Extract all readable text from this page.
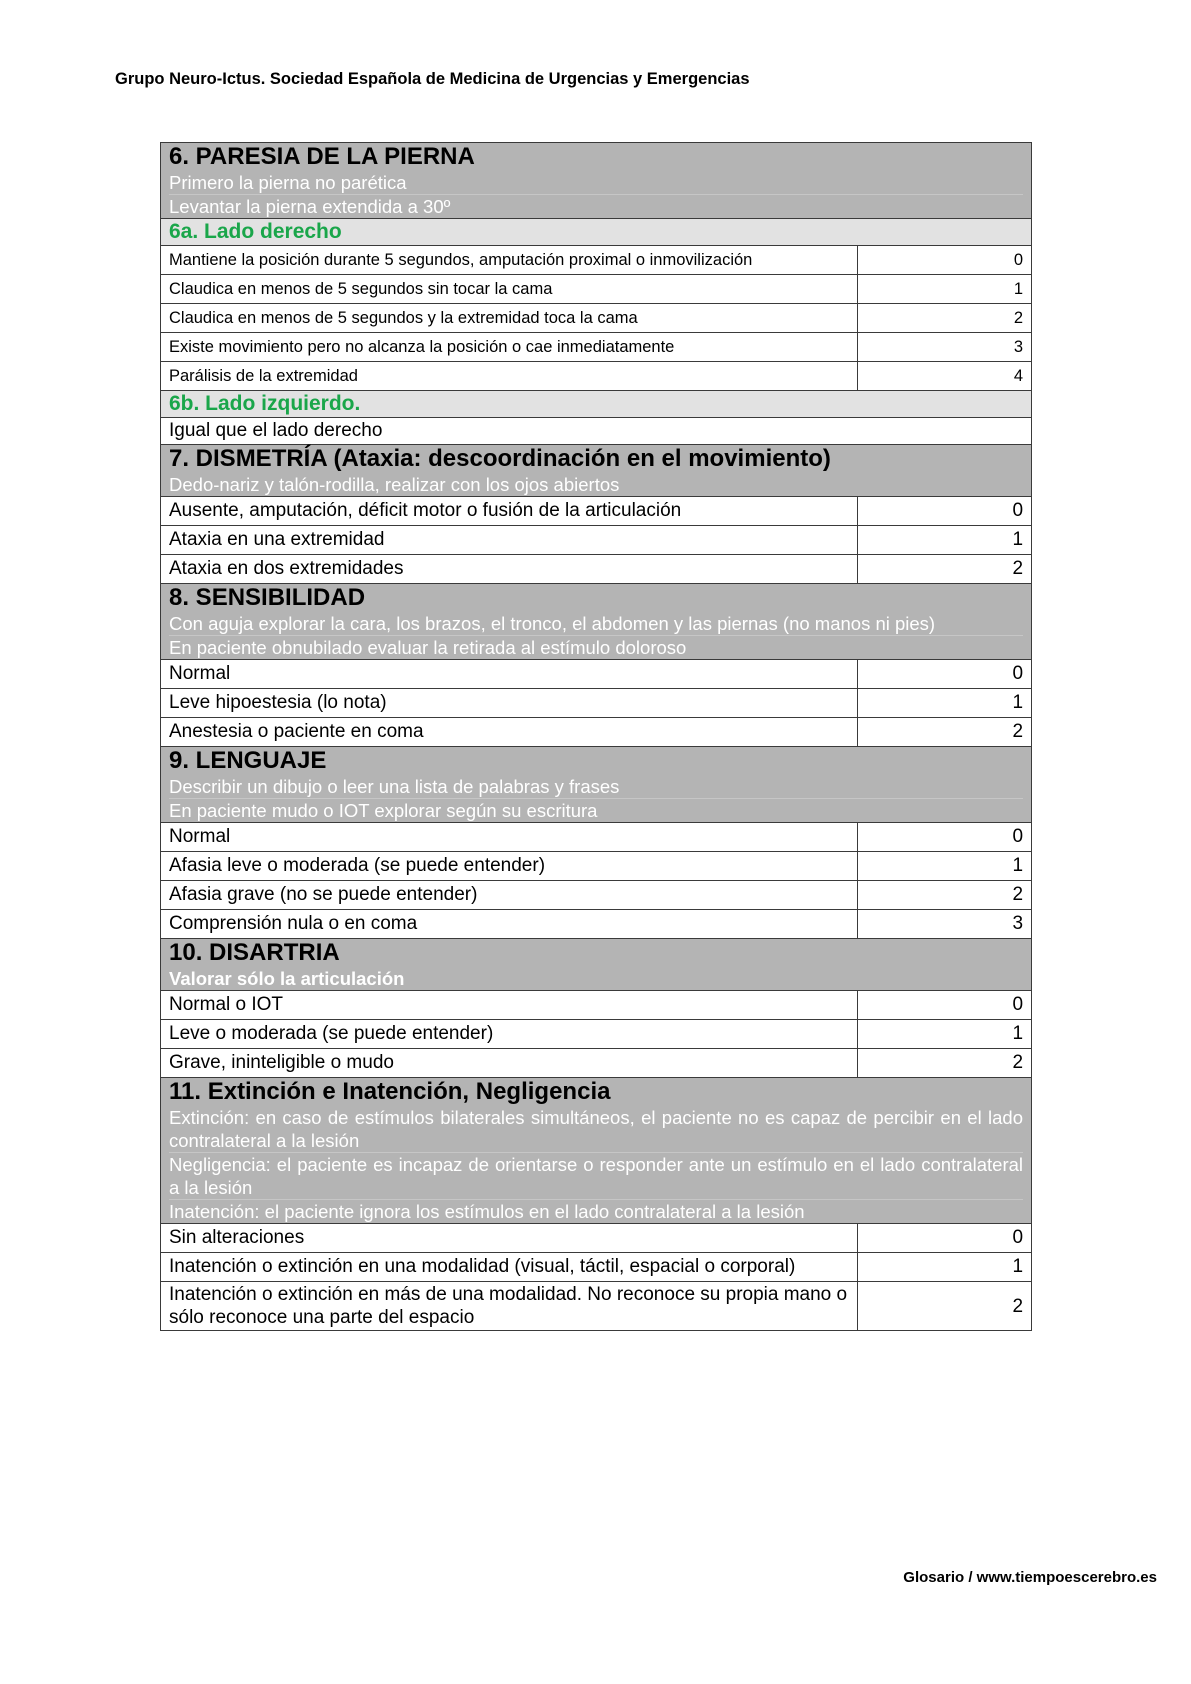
Grupo Neuro-Ictus. Sociedad Española de Medicina de Urgencias y Emergencias
6. PARESIA DE LA PIERNA
Primero la pierna no parética
Levantar la pierna extendida a 30º	

6a. Lado derecho	
Mantiene la posición durante 5 segundos, amputación proximal o inmovilización	0
Claudica en menos de 5 segundos sin tocar la cama	1
Claudica en menos de 5 segundos y la extremidad toca la cama	2
Existe movimiento pero no alcanza la posición o cae inmediatamente	3
Parálisis de la extremidad	4
6b. Lado izquierdo.	
Igual que el lado derecho	

7. DISMETRÍA (Ataxia: descoordinación en el movimiento)
Dedo-nariz y talón-rodilla, realizar con los ojos abiertos	

Ausente, amputación, déficit motor o fusión de la articulación	0
Ataxia en una extremidad	1
Ataxia en dos extremidades	2

8. SENSIBILIDAD
Con aguja explorar la cara, los brazos, el tronco, el abdomen y las piernas (no manos ni pies)
En paciente obnubilado evaluar la retirada al estímulo doloroso	

Normal	0
Leve hipoestesia (lo nota)	1
Anestesia o paciente en coma	2

9. LENGUAJE
Describir un dibujo o leer una lista de palabras y frases
En paciente mudo o IOT explorar según su escritura	

Normal	0
Afasia leve o moderada (se puede entender)	1
Afasia grave (no se puede entender)	2
Comprensión nula o en coma	3

10. DISARTRIA
Valorar sólo la articulación	

Normal o IOT	0
Leve o moderada (se puede entender)	1
Grave, ininteligible o mudo	2

11. Extinción e Inatención, Negligencia
Extinción: en caso de estímulos bilaterales simultáneos, el paciente no es capaz de percibir en el lado contralateral a la lesión
Negligencia: el paciente es incapaz de orientarse o responder ante un estímulo en el lado contralateral a la lesión
Inatención: el paciente ignora los estímulos en el lado contralateral a la lesión	

Sin alteraciones	0
Inatención o extinción en una modalidad (visual, táctil, espacial o corporal)	1
Inatención o extinción en más de una modalidad. No reconoce su propia mano o sólo reconoce una parte del espacio	2
Glosario / www.tiempoescerebro.es
